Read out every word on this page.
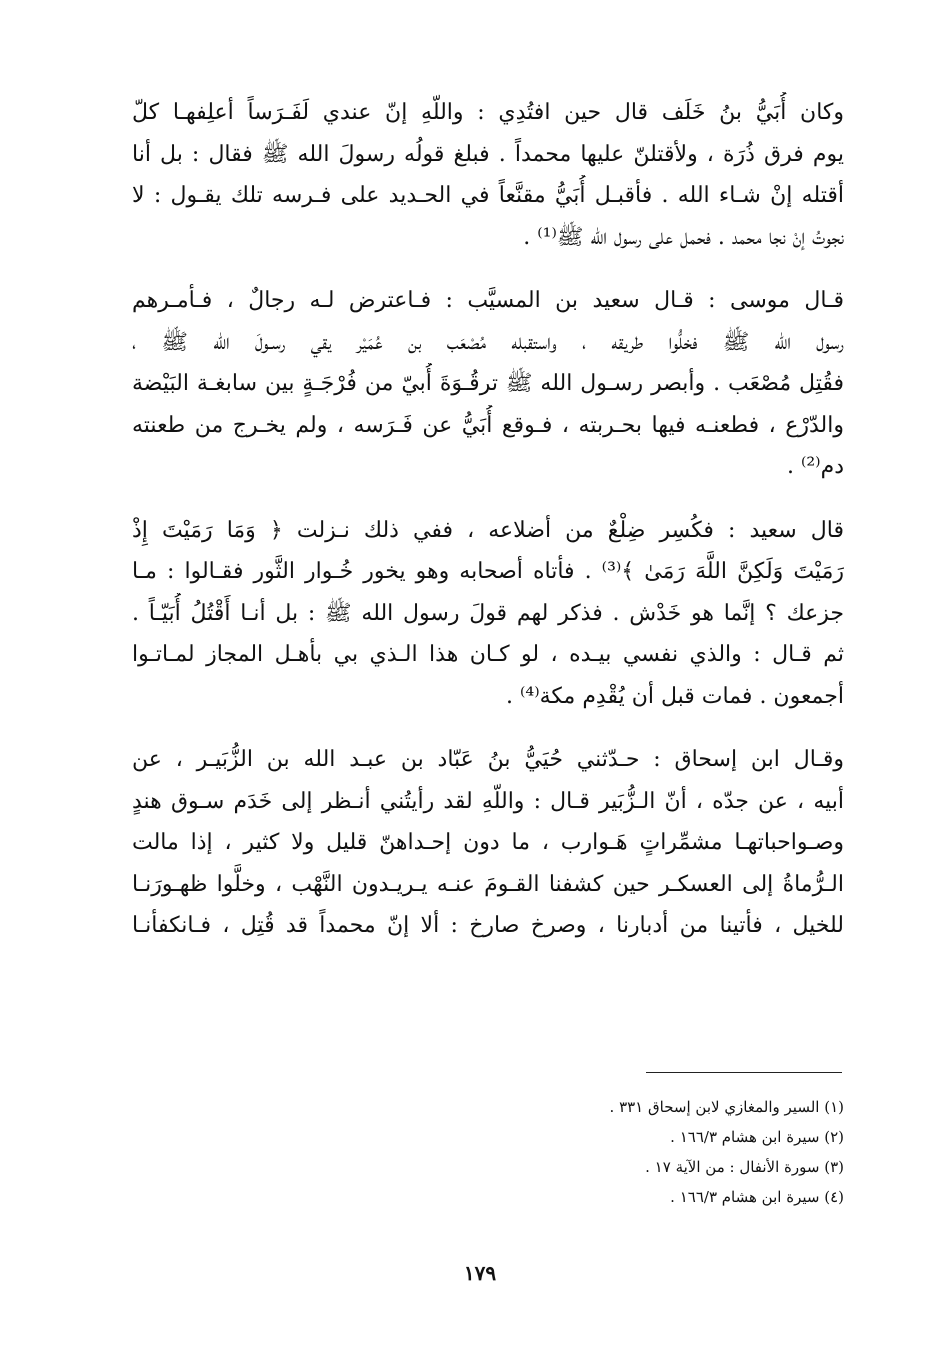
وكان أُبَيُّ بنُ خَلَف قال حين افتُدِي : واللّهِ إنّ عندي لَفَـرَساً أعلِفهـا كلّ
يوم فرق ذُرَة ، ولأقتلنّ عليها محمداً . فبلغ قولُه رسولَ الله ﷺ فقال : بل أنا
أقتله إنْ شـاء الله . فأقبـل أُبَيُّ مقنَّعاً في الحـديد على فـرسه تلك يقـول : لا
نجوتُ إنْ نجا محمد . فحمل على رسول الله ﷺ⁽¹⁾ .

قـال موسى : قـال سعيد بن المسيَّب : فـاعترض لـه رجالٌ ، فـأمـرهم
رسول الله ﷺ فخلُّوا طريقه ، واستقبله مُصْعَب بن عُمَيْر يقي رسـولَ الله ﷺ ،
فقُتِل مُصْعَب . وأبصر رسـول الله ﷺ ترقُـوَةَ أُبيّ من فُرْجَـةٍ بين سابغـة البَيْضة
والدّرْع ، فطعنـه فيها بحـربته ، فـوقع أُبَيُّ عن فَـرَسه ، ولم يخـرج من طعنته
دم⁽²⁾ .

قال سعيد : فكُسِر ضِلْعٌ من أضلاعه ، ففي ذلك نـزلت ﴿ وَمَا رَمَيْتَ إِذْ
رَمَيْتَ وَلَكِنَّ اللَّهَ رَمَىٰ ﴾⁽³⁾ . فأتاه أصحابه وهو يخور خُـوار الثَّور فقـالوا : مـا
جزعك ؟ إنَّما هو خَدْش . فذكر لهم قولَ رسول الله ﷺ : بل أنـا أَقْتُلُ أُبَيّـاً .
ثم قـال : والذي نفسي بيـده ، لو كـان هذا الـذي بي بأهـل المجاز لمـاتـوا
أجمعون . فمات قبل أن يُقْدِم مكة⁽⁴⁾ .

وقـال ابن إسحاق : حـدّثني حُيَيُّ بنُ عَبّاد بن عبـد الله بن الزُّبَيـر ، عن
أبيه ، عن جدّه ، أنّ الـزُّبَير قـال : واللّهِ لقد رأيتُني أنـظر إلى خَدَم سـوق هندٍ
وصـواحباتهـا مشمِّراتٍ هَـوارب ، ما دون إحـداهنّ قليل ولا كثير ، إذا مالت
الـرُّماةُ إلى العسكـر حين كشفنا القـومَ عنـه يـريـدون النَّهْب ، وخلَّوا ظهـورَنـا
للخيل ، فأتينا من أدبارنا ، وصرخ صارخ : ألا إنّ محمداً قد قُتِل ، فـانكفأنـا

(١) السير والمغازي لابن إسحاق ٣٣١ .
(٢) سيرة ابن هشام ١٦٦/٣ .
(٣) سورة الأنفال : من الآية ١٧ .
(٤) سيرة ابن هشام ١٦٦/٣ .
١٧٩
